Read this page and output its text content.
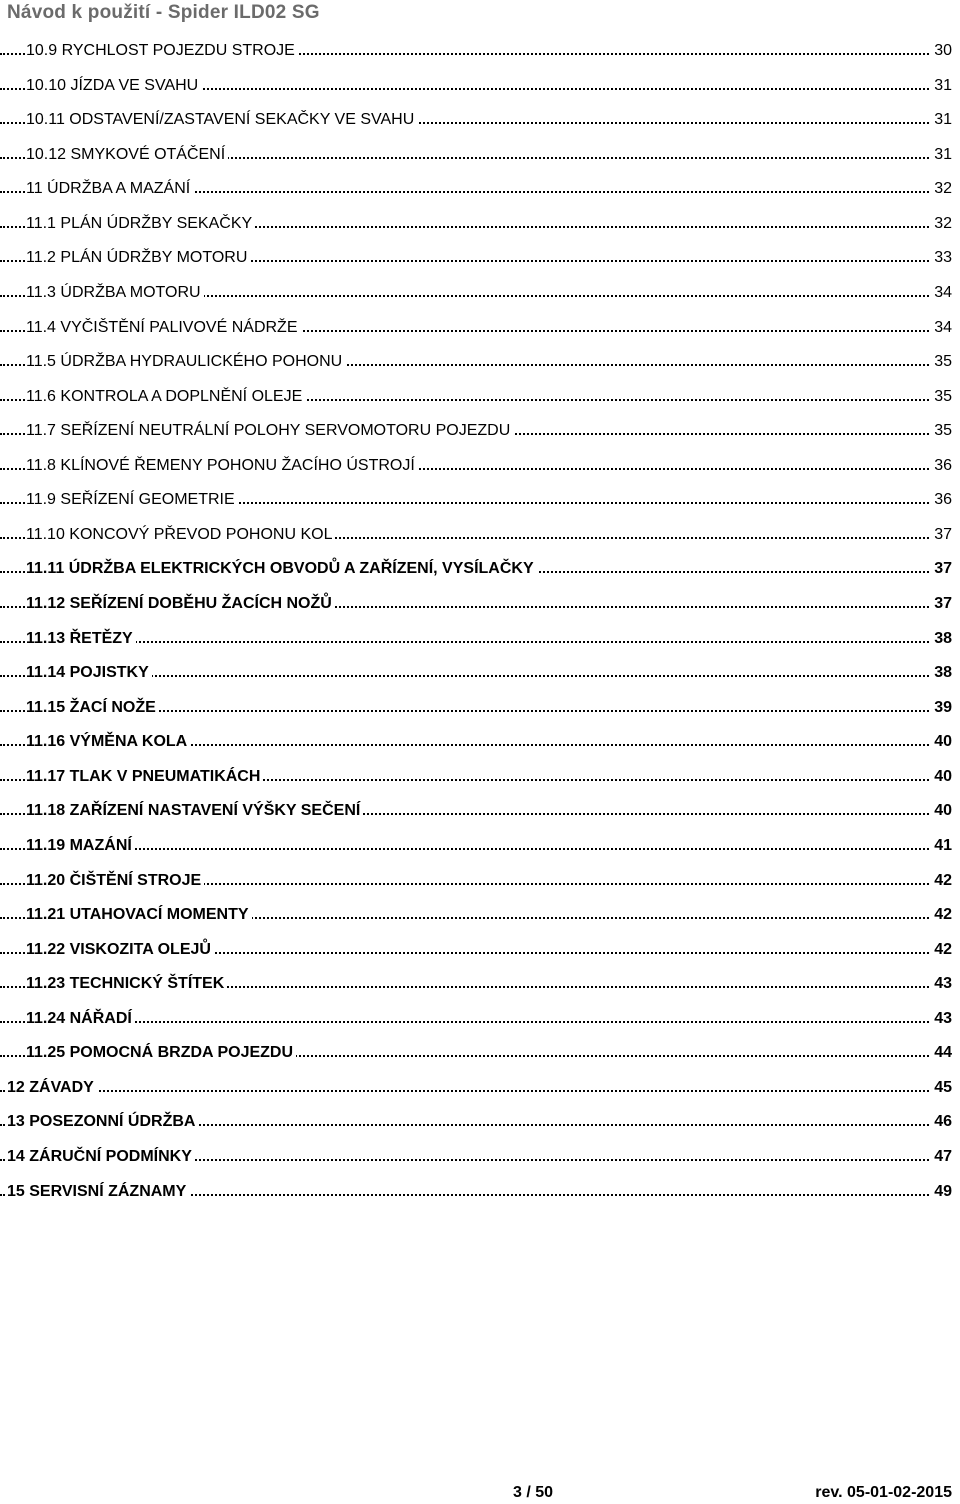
Návod k použití - Spider ILD02 SG
10.9 RYCHLOST POJEZDU STROJE	30
10.10 JÍZDA VE SVAHU	31
10.11 ODSTAVENÍ/ZASTAVENÍ SEKAČKY VE SVAHU	31
10.12 SMYKOVÉ OTÁČENÍ	31
11 ÚDRŽBA A MAZÁNÍ	32
11.1 PLÁN ÚDRŽBY SEKAČKY	32
11.2 PLÁN ÚDRŽBY MOTORU	33
11.3 ÚDRŽBA MOTORU	34
11.4 VYČIŠTĚNÍ PALIVOVÉ NÁDRŽE	34
11.5 ÚDRŽBA HYDRAULICKÉHO POHONU	35
11.6 KONTROLA A DOPLNĚNÍ OLEJE	35
11.7 SEŘÍZENÍ NEUTRÁLNÍ POLOHY SERVOMOTORU POJEZDU	35
11.8 KLÍNOVÉ ŘEMENY POHONU ŽACÍHO ÚSTROJÍ	36
11.9 SEŘÍZENÍ GEOMETRIE	36
11.10 KONCOVÝ PŘEVOD POHONU KOL	37
11.11 ÚDRŽBA ELEKTRICKÝCH OBVODŮ A ZAŘÍZENÍ, VYSÍLAČKY	37
11.12 SEŘÍZENÍ DOBĚHU ŽACÍCH NOŽŮ	37
11.13 ŘETĚZY	38
11.14 POJISTKY	38
11.15 ŽACÍ NOŽE	39
11.16 VÝMĚNA KOLA	40
11.17 TLAK V PNEUMATIKÁCH	40
11.18 ZAŘÍZENÍ NASTAVENÍ VÝŠKY SEČENÍ	40
11.19 MAZÁNÍ	41
11.20 ČIŠTĚNÍ STROJE	42
11.21 UTAHOVACÍ MOMENTY	42
11.22 VISKOZITA OLEJŮ	42
11.23 TECHNICKÝ ŠTÍTEK	43
11.24 NÁŘADÍ	43
11.25 POMOCNÁ BRZDA POJEZDU	44
12 ZÁVADY	45
13 POSEZONNÍ ÚDRŽBA	46
14 ZÁRUČNÍ PODMÍNKY	47
15 SERVISNÍ ZÁZNAMY	49
3 / 50	rev. 05-01-02-2015
